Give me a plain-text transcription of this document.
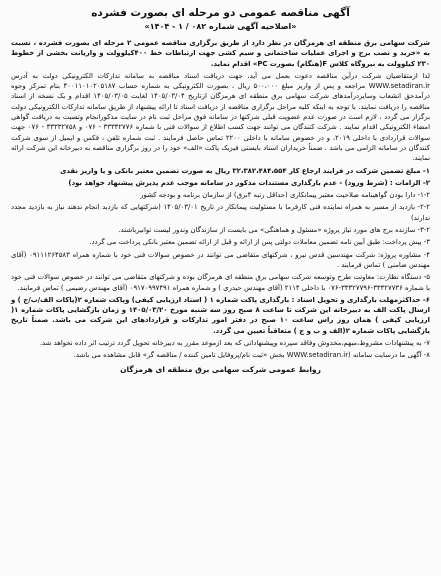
آگهی مناقصه عمومی دو مرحله ای بصورت فشرده
«اصلاحیه آگهی شماره ۰۸۲ / ۱ - ۱۴۰۴»

شرکت سهامی برق منطقه ای هرمزگان در نظر دارد از طریق برگزاری مناقصه عمومی ۲ مرحله ای بصورت فشرده ، نسبت به «خرید و نصب برج و اجرای عملیات ساختمانی و سیم کشی جهت ارتباطات خط ۴۰۰کیلوولت و واریانت بخشی از خطوط ۲۳۰ کیلوولت به نیروگاه کلاس F(هنگام) بصورت PC» اقدام نماید.

لذا ازمتقاضیان شرکت درآین مناقصه دعوت بعمل می آید، جهت دریافت اسناد مناقصه به سامانه تدارکات الکترونیکی دولت به آدرس WWW.setadiran.ir مراجعه و پس از واریز مبلغ ۵۰۰،۰۰۰ ریال ، بصورت الکترونیکی به شماره حساب ۴۰۰۱۱۰۱۰۲۰۵۱۸۷ بنام تمرکز وجوه درآمدحق انشعاب وسایردرآمدهای شرکت سهامی برق منطقه ای هرمزگان ازتاریخ ۱۴۰۵/۰۳/۰۴ لغایت ۱۴۰۵/۰۳/۰۵ اقدام و یک نسخه از اسناد مناقصه را دریافت نمایند. با توجه به اینکه کلیه مراحل برگزاری مناقصه از دریافت اسناد تا ارائه پیشنهاد از طریق سامانه تدارکات الکترونیکی دولت برگزار می گردد ، لازم است در صورت عدم عضویت قبلی شرکتها در سامانه فوق مراحل ثبت نام در سایت مذکورانجام وتسبت به دریافت گواهی امضاء الکترونیکی اقدام نمایند . شرکت کنندگان می توانند جهت کسب اطلاع از سوالات فنی با شماره ۳۳۳۳۲۷۷۶ - ۰۷۶ و ۳۳۳۳۲۷۵۸ - ۰۷۶ جهت سوالات قراردادی با داخلی ۲۰۱۹، و در خصوص سامانه با داخلی ۲۲۰۰ تماس حاصل فرمایند . ثبت شماره تلفن ، فکس و ایمیل از سوی شرکت کنندگان در سامانه الزامی می باشد . ضمناً خریداران اسناد بایستی فیزیک پاکت «الف» خود را در روز برگزاری مناقصه به دبیرخانه این شرکت ارائه نمایند.

۱- مبلغ تضمین شرکت در فرایند ارجاع کار ۳۲،۳۸۲،۴۸۴،۵۵۴ ریال به صورت تضمین معتبر بانکی و یا واریز نقدی
۲- الزامات : (شرط ورود) - عدم بارگذاری مستندات مذکور در سامانه موجب عدم پذیرش پیشنهاد خواهد بود)
۱-۲- دارا بودن گواهینامه صلاحیت معتبر پیمانکاری (حداقل رتبه ۴برق) از سازمان برنامه و بودجه کشور
۲-۲- بازدید از مسیر به همراه نماینده فنی کارفرما با مسئولیت پیمانکار در تاریخ ۱۴۰۵/۰۳/۰۱ (شرکتهایی که بازدید انجام ندهند نیاز به بازدید مجدد ندارند)
۳-۲- سازنده برج های مورد نیاز پروژه «مسئول و هماهنگی» می بایست از سازندگان وندور لیست توانیرباشند.
۳- پیش پرداخت: طبق آیین نامه تضمین معاملات دولتی پس از ارائه و قبل از ارائه تضمین معتبر بانکی پرداخت می گردد.
۴- مشاوره پروژه: شرکت مهندسین قدس نیرو ، شرکتهای متقاضی می توانند در خصوص سوالات فنی خود با شماره همراه ۰۹۱۱۱۲۶۴۵۸۳ (آقای مهندس ضامنی ) تماس فرمایند .
۵- دستگاه نظارت: معاونت طرح وتوسعه شرکت سهامی برق منطقه ای هرمزگان بوده و شرکتهای متقاضی می توانند در خصوص سوالات فنی خود با شماره ۳۳۳۲۷۷۳۶-۳۳۳۲۷۷۹۶-۰۷۶ با داخلی ۲۱۱۴ (آقای مهندس حیدری ) و شماره همراه ۰۹۱۷۰۹۹۷۴۹۱ (آقای مهندس رضیمی ) تماس فرمایند.
۶- حداکثرمهلت بارگذاری و تحویل اسناد : بارگذاری پاکت شماره ۱ ( اسناد ارزیابی کیفی) وپاکت شماره ۲(پاکات الف/ب/ج ) و ارسال پاکت الف به دبیرخانه این شرکت تا ساعت ۸ صبح روز سه شنبه مورخ ۱۴۰۵/۰۳/۲۰ و زمان بازگشایی پاکات شماره ۱( ارزیابی کیفی ) همان روز راس ساعت ۱۰ صبح در دفتر امور تدارکات و قراردادهای این شرکت می باشد. ضمناً تاریخ بازگشایی پاکات شماره ۲(الف و ب و ج ) متعاقباً تعیین می گردد.
۷- به پیشنهادات مشروط،مبهم،مخدوش وفاقد سپرده وپیشنهاداتی که بعد ازموعد مقرر به دبیرخانه تحویل گردد ترتیب اثر داده نخواهد شد.
۸- آگهی ما درسایت سامانه (WWW.setadiran.ir بخش «ثبت نام/پروفایل تامین کننده / مناقصه گر» قابل مشاهده می باشد.
روابط عمومی شرکت سهامی برق منطقه ای هرمزگان
